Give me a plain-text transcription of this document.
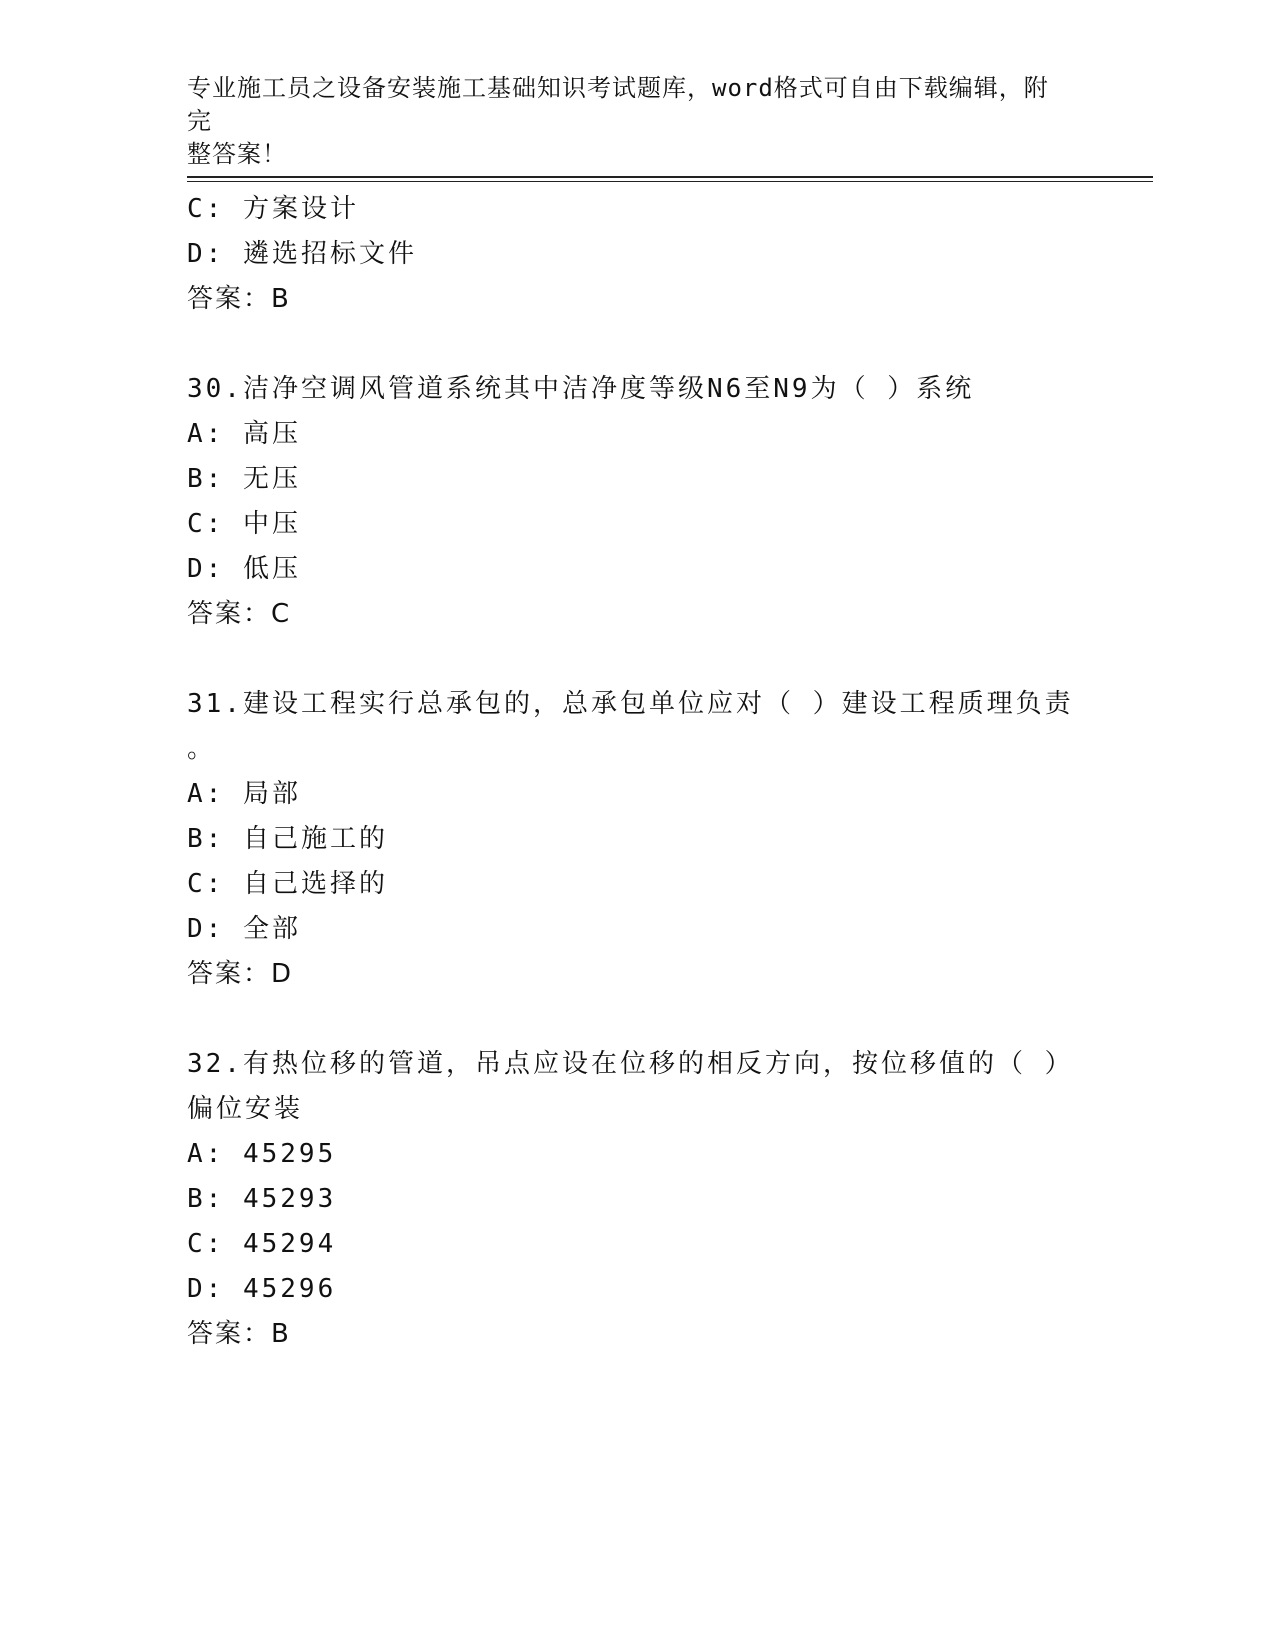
专业施工员之设备安装施工基础知识考试题库，word格式可自由下载编辑，附完
整答案！
C: 方案设计
D: 遴选招标文件
答案：B
30.洁净空调风管道系统其中洁净度等级N6至N9为（ ）系统
A: 高压
B: 无压
C: 中压
D: 低压
答案：C
31.建设工程实行总承包的，总承包单位应对（ ）建设工程质理负责
。
A: 局部
B: 自己施工的
C: 自己选择的
D: 全部
答案：D
32.有热位移的管道，吊点应设在位移的相反方向，按位移值的（ ）
偏位安装
A: 45295
B: 45293
C: 45294
D: 45296
答案：B
